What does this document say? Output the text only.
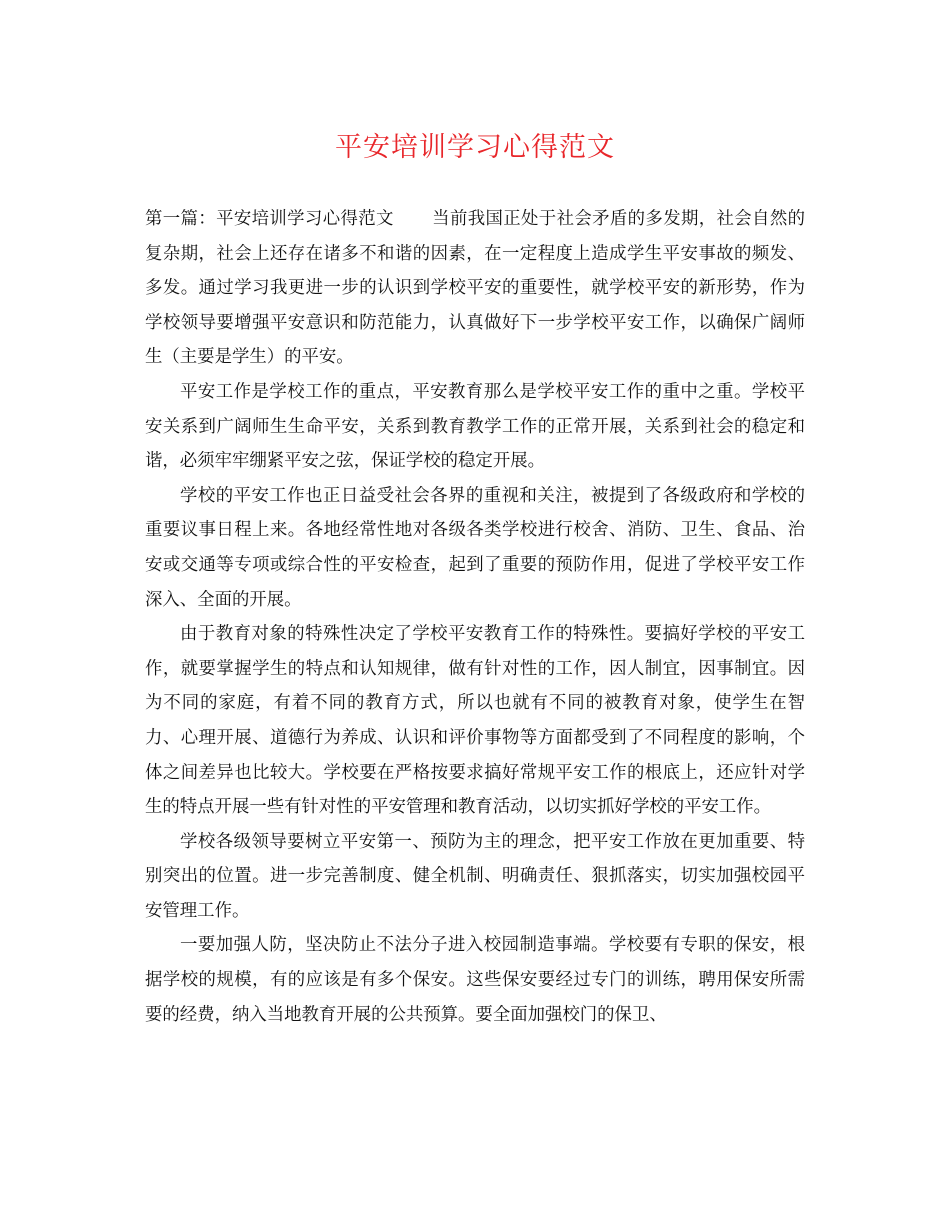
平安培训学习心得范文

第一篇：平安培训学习心得范文 当前我国正处于社会矛盾的多发期，社会自然的复杂期，社会上还存在诸多不和谐的因素，在一定程度上造成学生平安事故的频发、多发。通过学习我更进一步的认识到学校平安的重要性，就学校平安的新形势，作为学校领导要增强平安意识和防范能力，认真做好下一步学校平安工作，以确保广阔师生（主要是学生）的平安。

平安工作是学校工作的重点，平安教育那么是学校平安工作的重中之重。学校平安关系到广阔师生生命平安，关系到教育教学工作的正常开展，关系到社会的稳定和谐，必须牢牢绷紧平安之弦，保证学校的稳定开展。

学校的平安工作也正日益受社会各界的重视和关注，被提到了各级政府和学校的重要议事日程上来。各地经常性地对各级各类学校进行校舍、消防、卫生、食品、治安或交通等专项或综合性的平安检查，起到了重要的预防作用，促进了学校平安工作深入、全面的开展。

由于教育对象的特殊性决定了学校平安教育工作的特殊性。要搞好学校的平安工作，就要掌握学生的特点和认知规律，做有针对性的工作，因人制宜，因事制宜。因为不同的家庭，有着不同的教育方式，所以也就有不同的被教育对象，使学生在智力、心理开展、道德行为养成、认识和评价事物等方面都受到了不同程度的影响，个体之间差异也比较大。学校要在严格按要求搞好常规平安工作的根底上，还应针对学生的特点开展一些有针对性的平安管理和教育活动，以切实抓好学校的平安工作。

学校各级领导要树立平安第一、预防为主的理念，把平安工作放在更加重要、特别突出的位置。进一步完善制度、健全机制、明确责任、狠抓落实，切实加强校园平安管理工作。

一要加强人防，坚决防止不法分子进入校园制造事端。学校要有专职的保安，根据学校的规模，有的应该是有多个保安。这些保安要经过专门的训练，聘用保安所需要的经费，纳入当地教育开展的公共预算。要全面加强校门的保卫、
